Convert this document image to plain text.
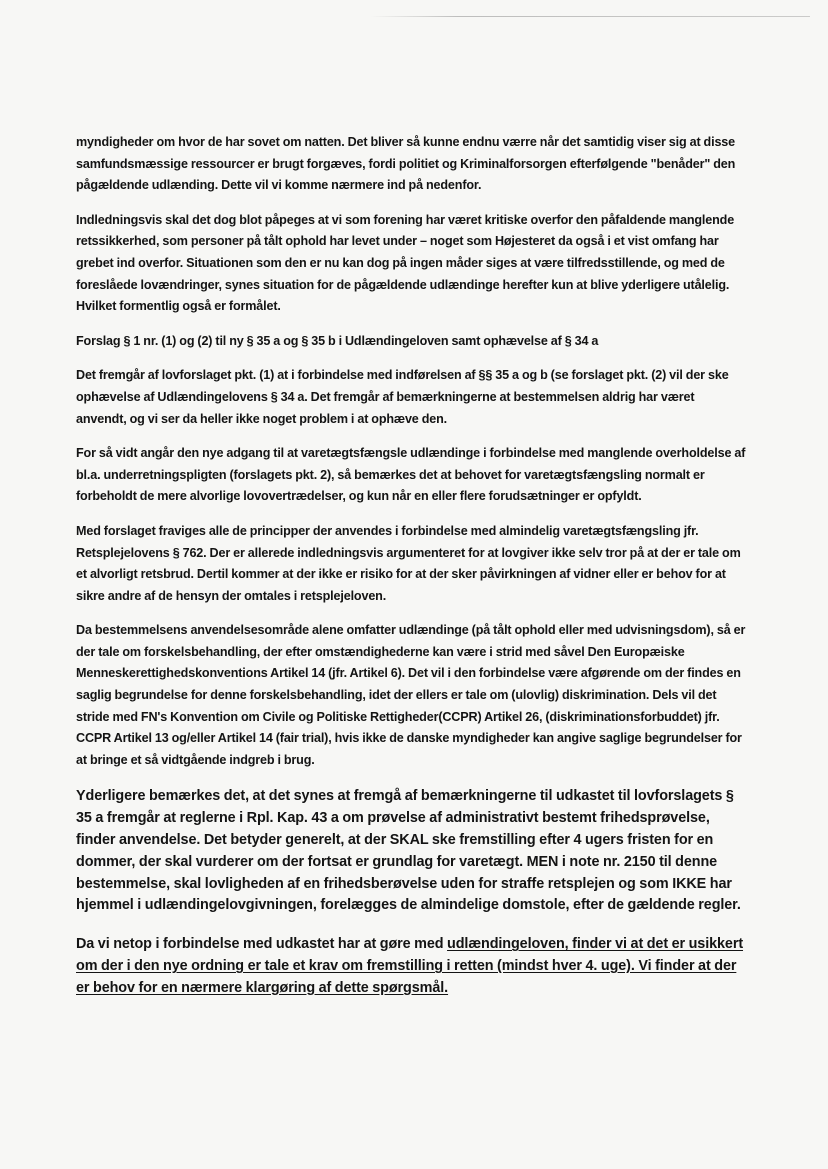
myndigheder om hvor de har sovet om natten. Det bliver så kunne endnu værre når det samtidig viser sig at disse samfundsmæssige ressourcer er brugt forgæves, fordi politiet og Kriminalforsorgen efterfølgende "benåder" den pågældende udlænding. Dette vil vi komme nærmere ind på nedenfor.

Indledningsvis skal det dog blot påpeges at vi som forening har været kritiske overfor den påfaldende manglende retssikkerhed, som personer på tålt ophold har levet under – noget som Højesteret da også i et vist omfang har grebet ind overfor. Situationen som den er nu kan dog på ingen måder siges at være tilfredsstillende, og med de foreslåede lovændringer, synes situation for de pågældende udlændinge herefter kun at blive yderligere utålelig. Hvilket formentlig også er formålet.

Forslag § 1 nr. (1) og (2) til ny § 35 a og § 35 b i Udlændingeloven samt ophævelse af § 34 a

Det fremgår af lovforslaget pkt. (1) at i forbindelse med indførelsen af §§ 35 a og b (se forslaget pkt. (2) vil der ske ophævelse af Udlændingelovens § 34 a. Det fremgår af bemærkningerne at bestemmelsen aldrig har været anvendt, og vi ser da heller ikke noget problem i at ophæve den.

For så vidt angår den nye adgang til at varetægtsfængsle udlændinge i forbindelse med manglende overholdelse af bl.a. underretningspligten (forslagets pkt. 2), så bemærkes det at behovet for varetægtsfængsling normalt er forbeholdt de mere alvorlige lovovertrædelser, og kun når en eller flere forudsætninger er opfyldt.

Med forslaget fraviges alle de principper der anvendes i forbindelse med almindelig varetægtsfængsling jfr. Retsplejelovens § 762. Der er allerede indledningsvis argumenteret for at lovgiver ikke selv tror på at der er tale om et alvorligt retsbrud. Dertil kommer at der ikke er risiko for at der sker påvirkningen af vidner eller er behov for at sikre andre af de hensyn der omtales i retsplejeloven.

Da bestemmelsens anvendelsesområde alene omfatter udlændinge (på tålt ophold eller med udvisningsdom), så er der tale om forskelsbehandling, der efter omstændighederne kan være i strid med såvel Den Europæiske Menneskerettighedskonventions Artikel 14 (jfr. Artikel 6). Det vil i den forbindelse være afgørende om der findes en saglig begrundelse for denne forskelsbehandling, idet der ellers er tale om (ulovlig) diskrimination. Dels vil det stride med FN's Konvention om Civile og Politiske Rettigheder(CCPR) Artikel 26, (diskriminationsforbuddet) jfr. CCPR Artikel 13 og/eller Artikel 14 (fair trial), hvis ikke de danske myndigheder kan angive saglige begrundelser for at bringe et så vidtgående indgreb i brug.

Yderligere bemærkes det, at det synes at fremgå af bemærkningerne til udkastet til lovforslagets § 35 a fremgår at reglerne i Rpl. Kap. 43 a om prøvelse af administrativt bestemt frihedsprøvelse, finder anvendelse. Det betyder generelt, at der SKAL ske fremstilling efter 4 ugers fristen for en dommer, der skal vurderer om der fortsat er grundlag for varetægt. MEN i note nr. 2150 til denne bestemmelse, skal lovligheden af en frihedsberøvelse uden for straffe retsplejen og som IKKE har hjemmel i udlændingelovgivningen, forelægges de almindelige domstole, efter de gældende regler.

Da vi netop i forbindelse med udkastet har at gøre med udlændingeloven, finder vi at det er usikkert om der i den nye ordning er tale et krav om fremstilling i retten (mindst hver 4. uge). Vi finder at der er behov for en nærmere klargøring af dette spørgsmål.
